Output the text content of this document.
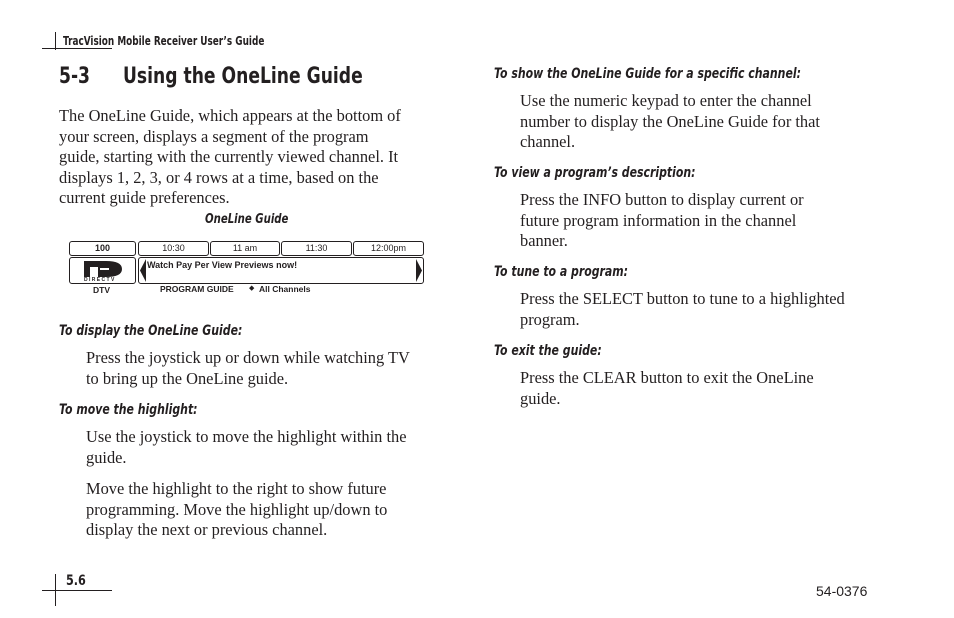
TracVision Mobile Receiver User’s Guide
5-3 Using the OneLine Guide
The OneLine Guide, which appears at the bottom of
your screen, displays a segment of the program
guide, starting with the currently viewed channel. It
displays 1, 2, 3, or 4 rows at a time, based on the
current guide preferences.
OneLine Guide
100	10:30	11 am	11:30	12:00pm
DIRECTV
Watch Pay Per View Previews now!
DTV	PROGRAM GUIDE ◆ All Channels
To display the OneLine Guide:
Press the joystick up or down while watching TV
to bring up the OneLine guide.
To move the highlight:
Use the joystick to move the highlight within the
guide.
Move the highlight to the right to show future
programming. Move the highlight up/down to
display the next or previous channel.
To show the OneLine Guide for a specific channel:
Use the numeric keypad to enter the channel
number to display the OneLine Guide for that
channel.
To view a program’s description:
Press the INFO button to display current or
future program information in the channel
banner.
To tune to a program:
Press the SELECT button to tune to a highlighted
program.
To exit the guide:
Press the CLEAR button to exit the OneLine
guide.
5.6
54-0376
